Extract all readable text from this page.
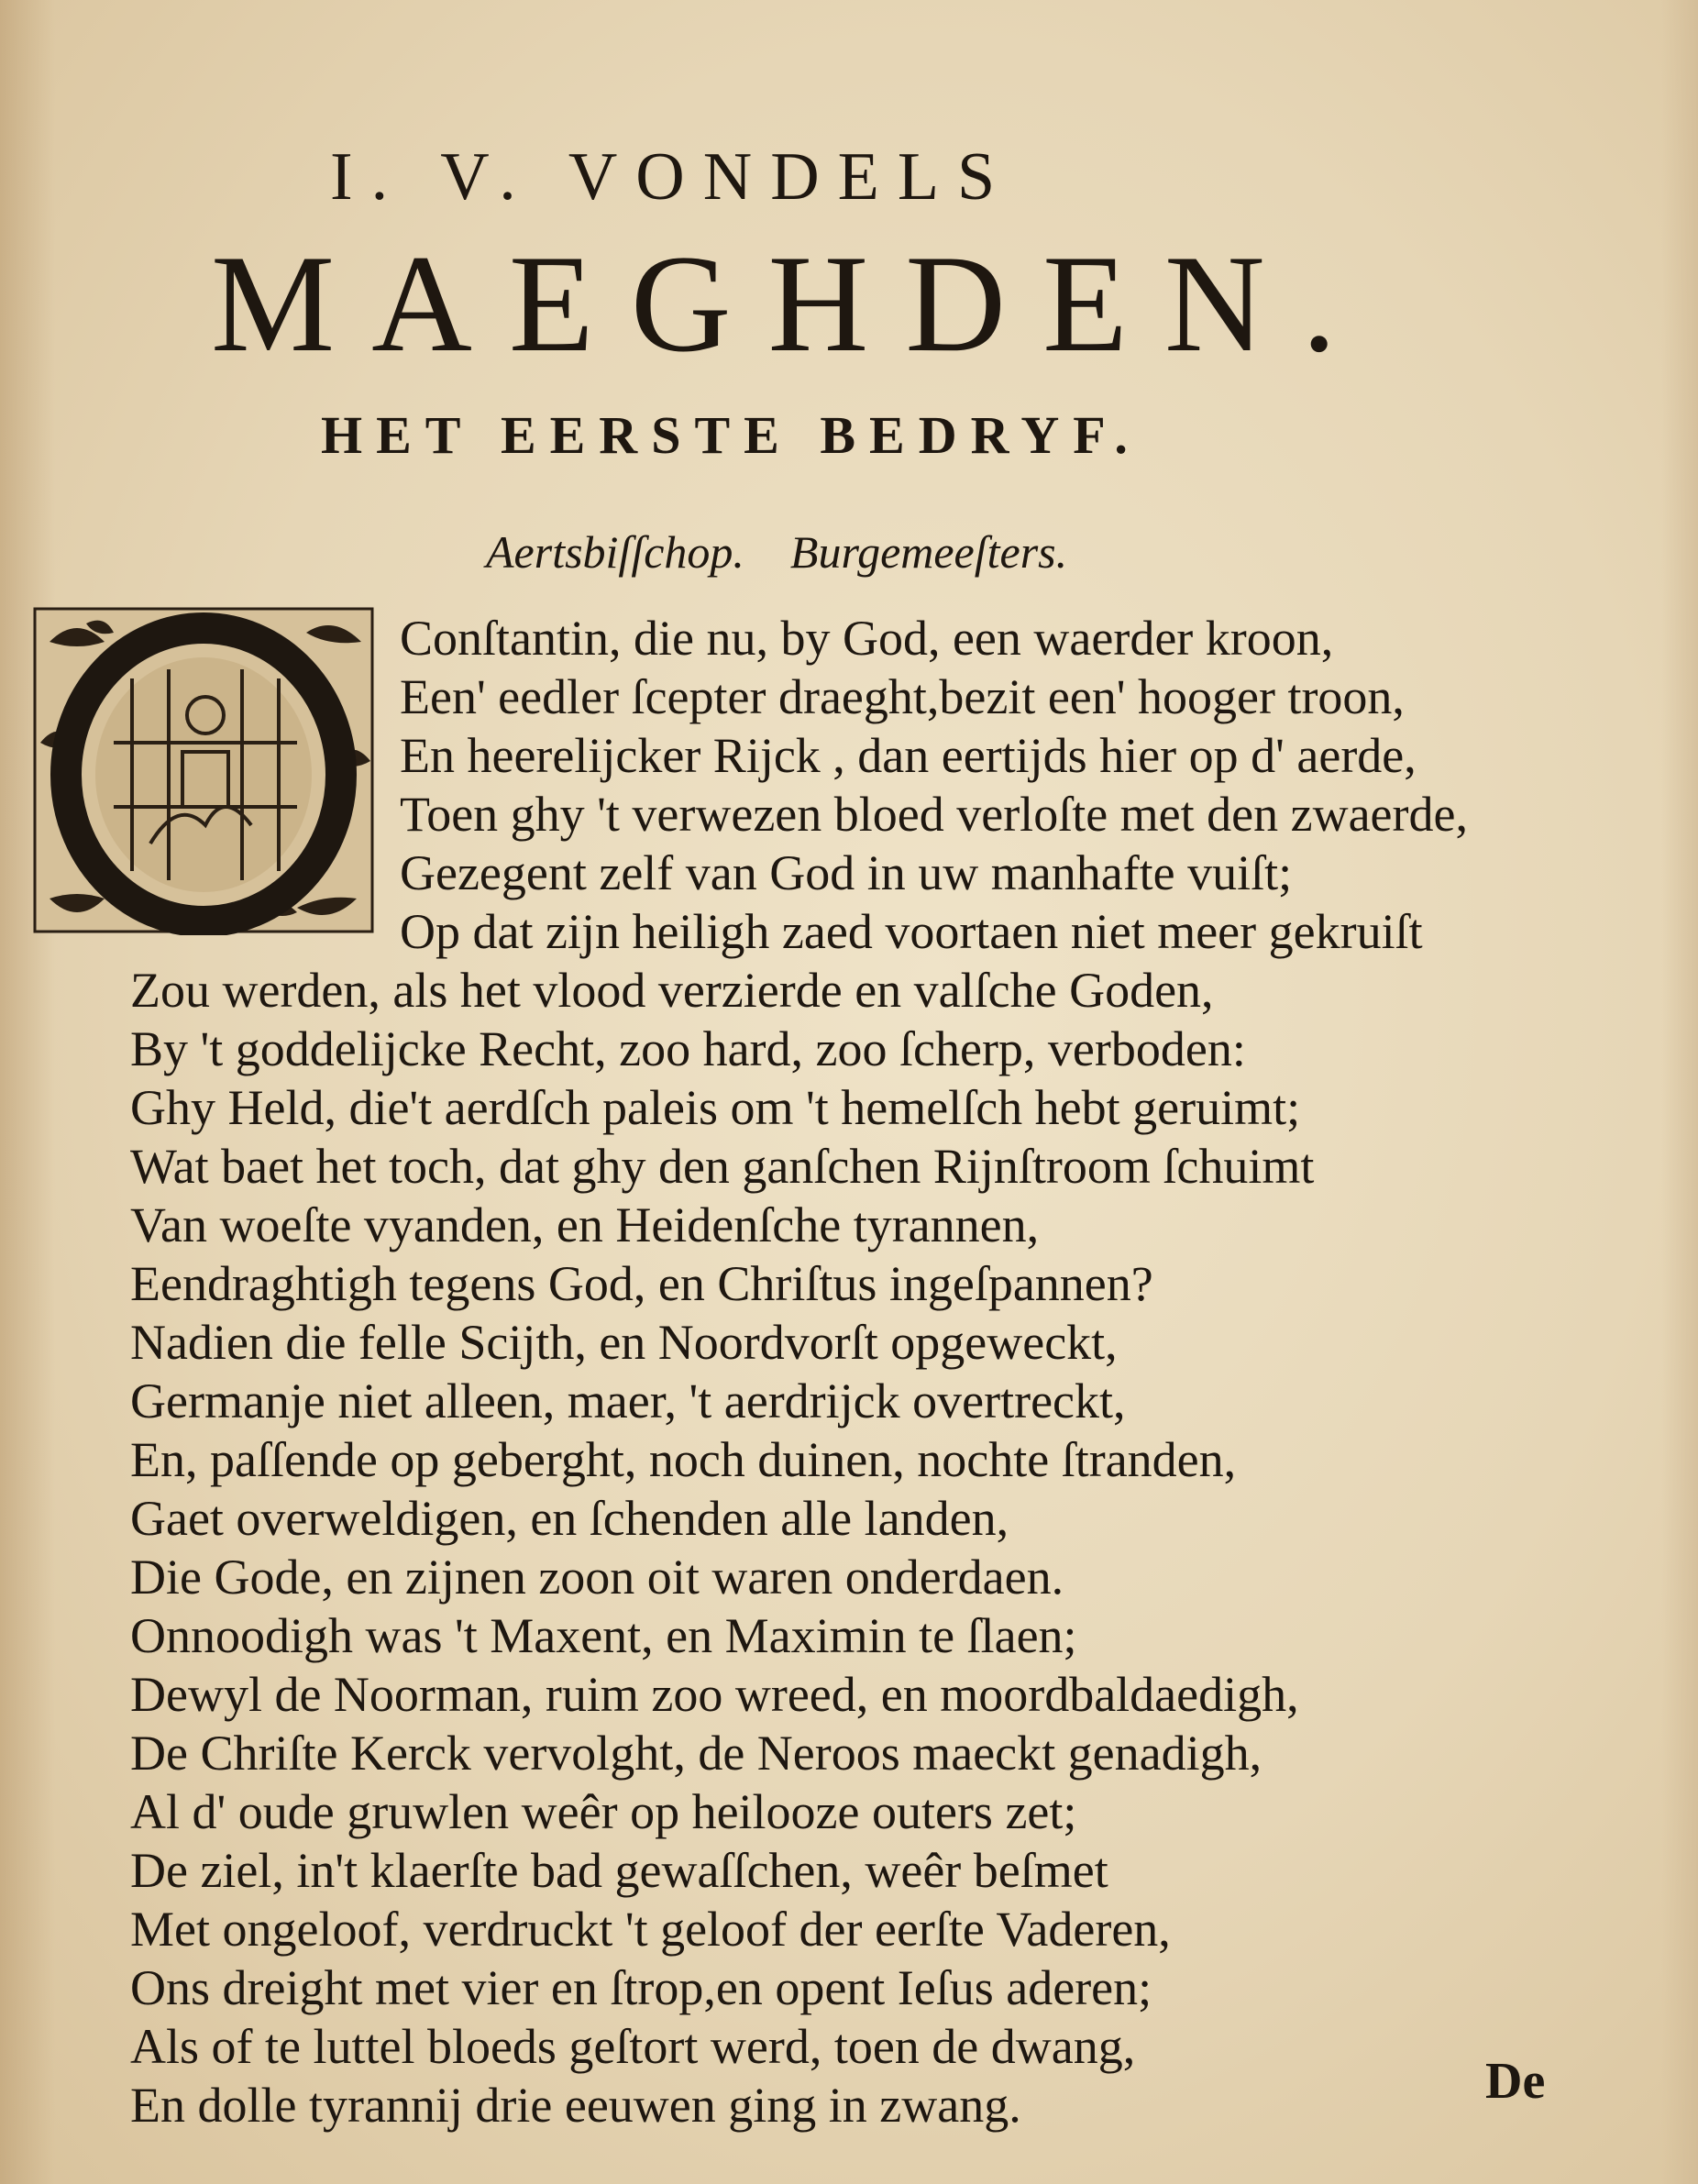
I. V. VONDELS
MAEGHDEN.
HET EERSTE BEDRYF.
Aertsbiſſchop. Burgemeeſters.
Conſtantin, die nu, by God, een waerder kroon,
Een' eedler ſcepter draeght,bezit een' hooger troon,
En heerelijcker Rijck , dan eertijds hier op d' aerde,
Toen ghy 't verwezen bloed verloſte met den zwaerde,
Gezegent zelf van God in uw manhafte vuiſt;
Op dat zijn heiligh zaed voortaen niet meer gekruiſt
Zou werden, als het vlood verzierde en valſche Goden,
By 't goddelijcke Recht, zoo hard, zoo ſcherp, verboden:
Ghy Held, die't aerdſch paleis om 't hemelſch hebt geruimt;
Wat baet het toch, dat ghy den ganſchen Rijnſtroom ſchuimt
Van woeſte vyanden, en Heidenſche tyrannen,
Eendraghtigh tegens God, en Chriſtus ingeſpannen?
Nadien die felle Scijth, en Noordvorſt opgeweckt,
Germanje niet alleen, maer, 't aerdrijck overtreckt,
En, paſſende op geberght, noch duinen, nochte ſtranden,
Gaet overweldigen, en ſchenden alle landen,
Die Gode, en zijnen zoon oit waren onderdaen.
Onnoodigh was 't Maxent, en Maximin te ſlaen;
Dewyl de Noorman, ruim zoo wreed, en moordbaldaedigh,
De Chriſte Kerck vervolght, de Neroos maeckt genadigh,
Al d' oude gruwlen weêr op heilooze outers zet;
De ziel, in't klaerſte bad gewaſſchen, weêr beſmet
Met ongeloof, verdruckt 't geloof der eerſte Vaderen,
Ons dreight met vier en ſtrop,en opent Ieſus aderen;
Als of te luttel bloeds geſtort werd, toen de dwang,
En dolle tyrannij drie eeuwen ging in zwang.	De
